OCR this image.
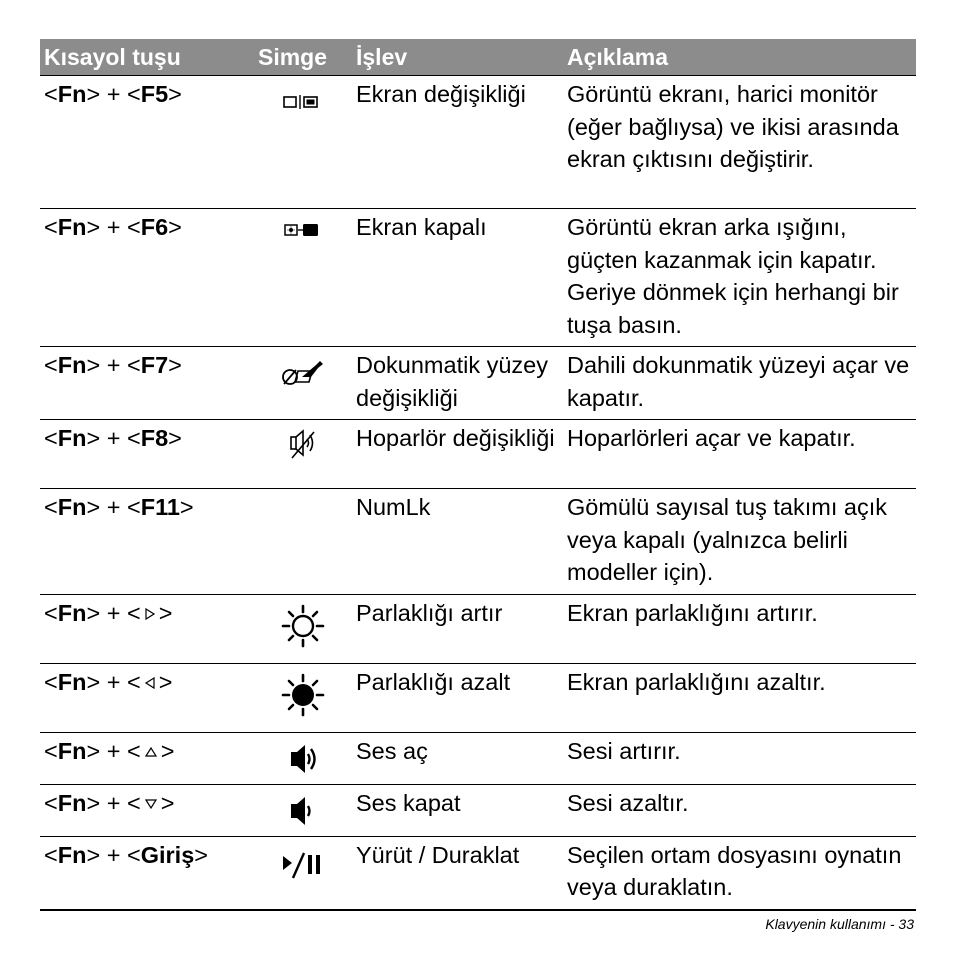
Kısayol tuşu	Simge	İşlev	Açıklama
<Fn> + <F5>		Ekran değişikliği	Görüntü ekranı, harici monitör (eğer bağlıysa) ve ikisi arasında ekran çıktısını değiştirir.
<Fn> + <F6>		Ekran kapalı	Görüntü ekran arka ışığını, güçten kazanmak için kapatır. Geriye dönmek için herhangi bir tuşa basın.
<Fn> + <F7>		Dokunmatik yüzey değişikliği	Dahili dokunmatik yüzeyi açar ve kapatır.
<Fn> + <F8>		Hoparlör değişikliği	Hoparlörleri açar ve kapatır.
<Fn> + <F11>		NumLk	Gömülü sayısal tuş takımı açık veya kapalı (yalnızca belirli modeller için).
<Fn> + < >		Parlaklığı artır	Ekran parlaklığını artırır.
<Fn> + < >		Parlaklığı azalt	Ekran parlaklığını azaltır.
<Fn> + < >		Ses aç	Sesi artırır.
<Fn> + < >		Ses kapat	Sesi azaltır.
<Fn> + <Giriş>		Yürüt / Duraklat	Seçilen ortam dosyasını oynatın veya duraklatın.
Klavyenin kullanımı - 33
